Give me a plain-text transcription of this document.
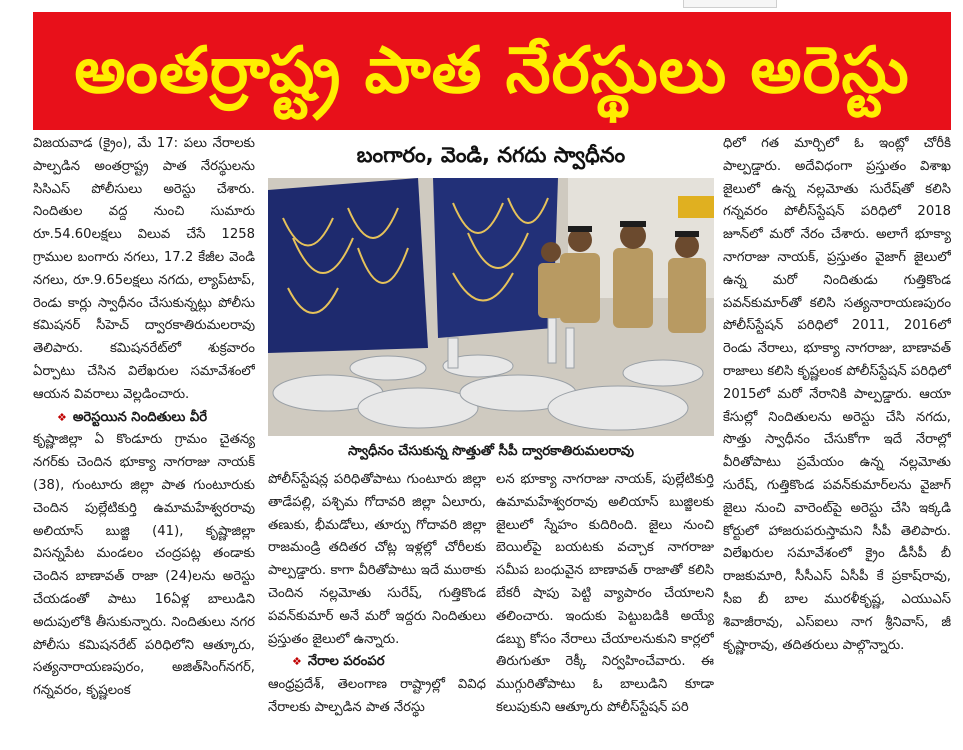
అంతర్రాష్ట్ర పాత నేరస్థులు అరెస్టు

విజయవాడ (క్రైం), మే 17: పలు నేరాలకు పాల్పడిన అంతర్రాష్ట్ర పాత నేరస్థులను సిసిఎస్ పోలీసులు అరెస్టు చేశారు. నిందితుల వద్ద నుంచి సుమారు రూ.54.60లక్షలు విలువ చేసే 1258 గ్రాముల బంగారు నగలు, 17.2 కేజీల వెండి నగలు, రూ.9.65లక్షలు నగదు, ల్యాప్‌టాప్, రెండు కార్లు స్వాధీనం చేసుకున్నట్లు పోలీసు కమిషనర్ సీహెచ్ ద్వారకాతిరుమలరావు తెలిపారు. కమిషనరేట్‌లో శుక్రవారం ఏర్పాటు చేసిన విలేఖరుల సమావేశంలో ఆయన వివరాలు వెల్లడించారు.

❖ అరెస్టయిన నిందితులు వీరే

కృష్ణాజిల్లా ఏ కొండూరు గ్రామం చైతన్య నగర్‌కు చెందిన భూక్యా నాగరాజు నాయక్ (38), గుంటూరు జిల్లా పాత గుంటూరుకు చెందిన పుల్లేటికుర్తి ఉమామహేశ్వరరావు అలియాస్ బుజ్జి (41), కృష్ణాజిల్లా విసన్నపేట మండలం చంద్రపట్ల తండాకు చెందిన బాణావత్ రాజా (24)లను అరెస్టు చేయడంతో పాటు 16ఏళ్ల బాలుడిని అదుపులోకి తీసుకున్నారు. నిందితులు నగర పోలీసు కమిషనరేట్ పరిధిలోని ఆత్కూరు, సత్యనారాయణపురం, అజిత్‌సింగ్‌నగర్, గన్నవరం, కృష్ణలంక

బంగారం, వెండి, నగదు స్వాధీనం
స్వాధీనం చేసుకున్న సొత్తుతో సీపీ ద్వారకాతిరుమలరావు

పోలీస్‌స్టేషన్ల పరిధితోపాటు గుంటూరు జిల్లా తాడేపల్లి, పశ్చిమ గోదావరి జిల్లా ఏలూరు, తణుకు, భీమడోలు, తూర్పు గోదావరి జిల్లా రాజమండ్రి తదితర చోట్ల ఇళ్లల్లో చోరీలకు పాల్పడ్డారు. కాగా వీరితోపాటు ఇదే ముఠాకు చెందిన నల్లమోతు సురేష్, గుత్తికొండ పవన్‌కుమార్ అనే మరో ఇద్దరు నిందితులు ప్రస్తుతం జైలులో ఉన్నారు.

❖ నేరాల పరంపర

ఆంధ్రప్రదేశ్, తెలంగాణ రాష్ట్రాల్లో వివిధ నేరాలకు పాల్పడిన పాత నేరస్థు

లన భూక్యా నాగరాజు నాయక్, పుల్లేటికుర్తి ఉమామహేశ్వరరావు అలియాస్ బుజ్జిలకు జైలులో స్నేహం కుదిరింది. జైలు నుంచి బెయిల్‌పై బయటకు వచ్చాక నాగరాజు సమీప బంధువైన బాణావత్ రాజాతో కలిసి బేకరీ షాపు పెట్టి వ్యాపారం చేయాలని తలించారు. ఇందుకు పెట్టుబడికి అయ్యే డబ్బు కోసం నేరాలు చేయాలనుకుని కార్లలో తిరుగుతూ రెక్కీ నిర్వహించేవారు. ఈ ముగ్గురితోపాటు ఓ బాలుడిని కూడా కలుపుకుని ఆత్కూరు పోలీస్‌స్టేషన్ పరి

ధిలో గత మార్చిలో ఓ ఇంట్లో చోరీకి పాల్పడ్డారు. అదేవిధంగా ప్రస్తుతం విశాఖ జైలులో ఉన్న నల్లమోతు సురేష్‌తో కలిసి గన్నవరం పోలీస్‌స్టేషన్ పరిధిలో 2018 జూన్‌లో మరో నేరం చేశారు. అలాగే భూక్యా నాగరాజు నాయక్, ప్రస్తుతం వైజాగ్ జైలులో ఉన్న మరో నిందితుడు గుత్తికొండ పవన్‌కుమార్‌తో కలిసి సత్యనారాయణపురం పోలీస్‌స్టేషన్ పరిధిలో 2011, 2016లో రెండు నేరాలు, భూక్యా నాగరాజు, బాణావత్ రాజాలు కలిసి కృష్ణలంక పోలీస్‌స్టేషన్ పరిధిలో 2015లో మరో నేరానికి పాల్పడ్డారు. ఆయా కేసుల్లో నిందితులను అరెస్టు చేసి నగదు, సొత్తు స్వాధీనం చేసుకోగా ఇదే నేరాల్లో వీరితోపాటు ప్రమేయం ఉన్న నల్లమోతు సురేష్, గుత్తికొండ పవన్‌కుమార్‌లను వైజాగ్ జైలు నుంచి వారెంట్‌పై అరెస్టు చేసి ఇక్కడి కోర్టులో హాజరుపరుస్తామని సీపీ తెలిపారు. విలేఖరుల సమావేశంలో క్రైం డీసీపీ బీ రాజకుమారి, సీసీఎస్ ఏసీపీ కే ప్రకాష్‌రావు, సీఐ బీ బాల మురళీకృష్ణ, ఎయుఎస్ శివాజీరావు, ఎస్ఐలు నాగ శ్రీనివాస్, జీ కృష్ణారావు, తదితరులు పాల్గొన్నారు.
